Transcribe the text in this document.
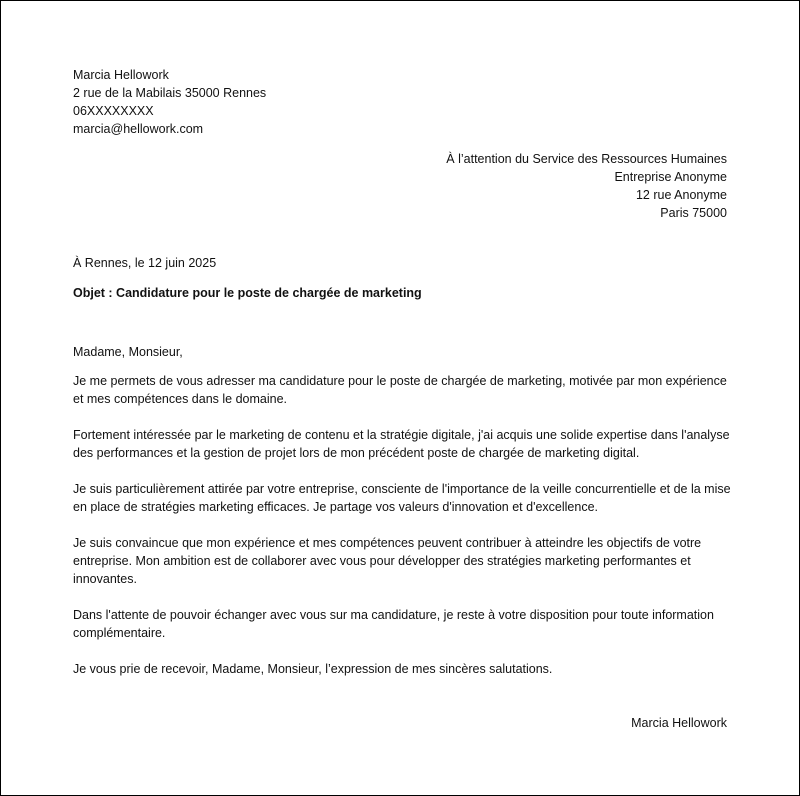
Marcia Hellowork
2 rue de la Mabilais 35000 Rennes
06XXXXXXXX
marcia@hellowork.com
À l’attention du Service des Ressources Humaines
Entreprise Anonyme
12 rue Anonyme
Paris 75000
À Rennes, le 12 juin 2025
Objet : Candidature pour le poste de chargée de marketing
Madame, Monsieur,

Je me permets de vous adresser ma candidature pour le poste de chargée de marketing, motivée par mon expérience et mes compétences dans le domaine.

Fortement intéressée par le marketing de contenu et la stratégie digitale, j'ai acquis une solide expertise dans l'analyse des performances et la gestion de projet lors de mon précédent poste de chargée de marketing digital.

Je suis particulièrement attirée par votre entreprise, consciente de l'importance de la veille concurrentielle et de la mise en place de stratégies marketing efficaces. Je partage vos valeurs d'innovation et d'excellence.

Je suis convaincue que mon expérience et mes compétences peuvent contribuer à atteindre les objectifs de votre entreprise. Mon ambition est de collaborer avec vous pour développer des stratégies marketing performantes et innovantes.

Dans l'attente de pouvoir échanger avec vous sur ma candidature, je reste à votre disposition pour toute information complémentaire.

Je vous prie de recevoir, Madame, Monsieur, l’expression de mes sincères salutations.

Marcia Hellowork
